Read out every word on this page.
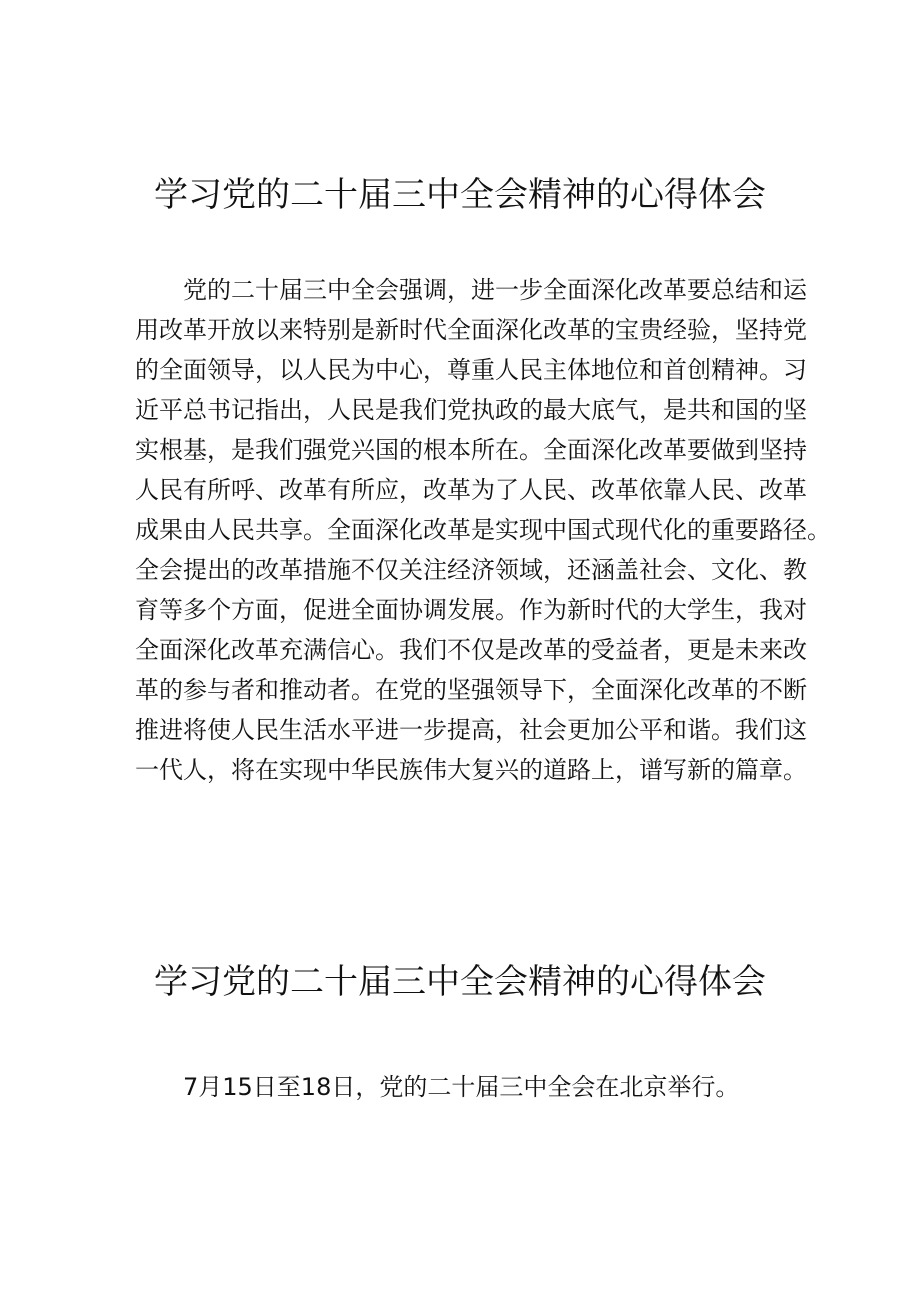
学习党的二十届三中全会精神的心得体会
党的二十届三中全会强调，进一步全面深化改革要总结和运
用改革开放以来特别是新时代全面深化改革的宝贵经验，坚持党
的全面领导，以人民为中心，尊重人民主体地位和首创精神。习
近平总书记指出，人民是我们党执政的最大底气，是共和国的坚
实根基，是我们强党兴国的根本所在。全面深化改革要做到坚持
人民有所呼、改革有所应，改革为了人民、改革依靠人民、改革
成果由人民共享。全面深化改革是实现中国式现代化的重要路径。
全会提出的改革措施不仅关注经济领域，还涵盖社会、文化、教
育等多个方面，促进全面协调发展。作为新时代的大学生，我对
全面深化改革充满信心。我们不仅是改革的受益者，更是未来改
革的参与者和推动者。在党的坚强领导下，全面深化改革的不断
推进将使人民生活水平进一步提高，社会更加公平和谐。我们这
一代人，将在实现中华民族伟大复兴的道路上，谱写新的篇章。
学习党的二十届三中全会精神的心得体会
7月15日至18日，党的二十届三中全会在北京举行。
